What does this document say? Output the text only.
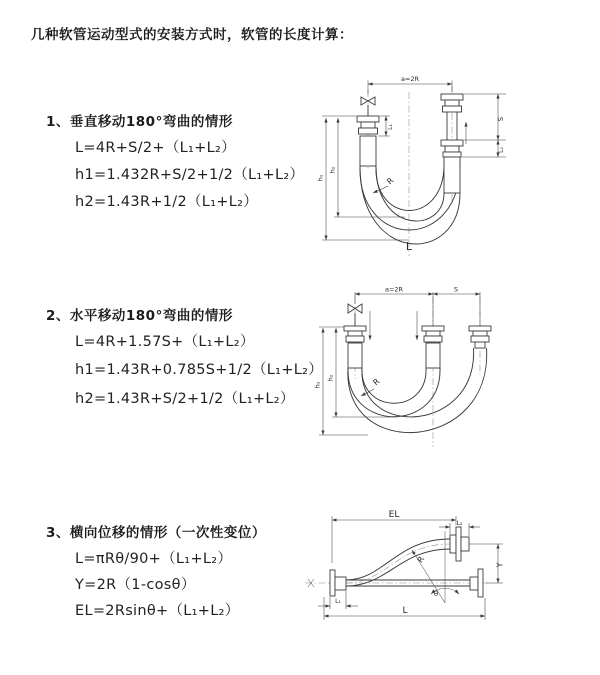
几种软管运动型式的安装方式时，软管的长度计算：
1、垂直移动180°弯曲的情形
L=4R+S/2+（L₁+L₂）
h1=1.432R+S/2+1/2（L₁+L₂）
h2=1.43R+1/2（L₁+L₂）
2、水平移动180°弯曲的情形
L=4R+1.57S+（L₁+L₂）
h1=1.43R+0.785S+1/2（L₁+L₂）
h2=1.43R+S/2+1/2（L₁+L₂）
3、横向位移的情形（一次性变位）
L=πRθ/90+（L₁+L₂）
Y=2R（1-cosθ）
EL=2Rsinθ+（L₁+L₂）
a=2R
S
L₂
L₁
h₁
h₂
R
L
a=2R	S
h₁
h₂	R
EL
L₂
Y
R
θ
L
L₁
